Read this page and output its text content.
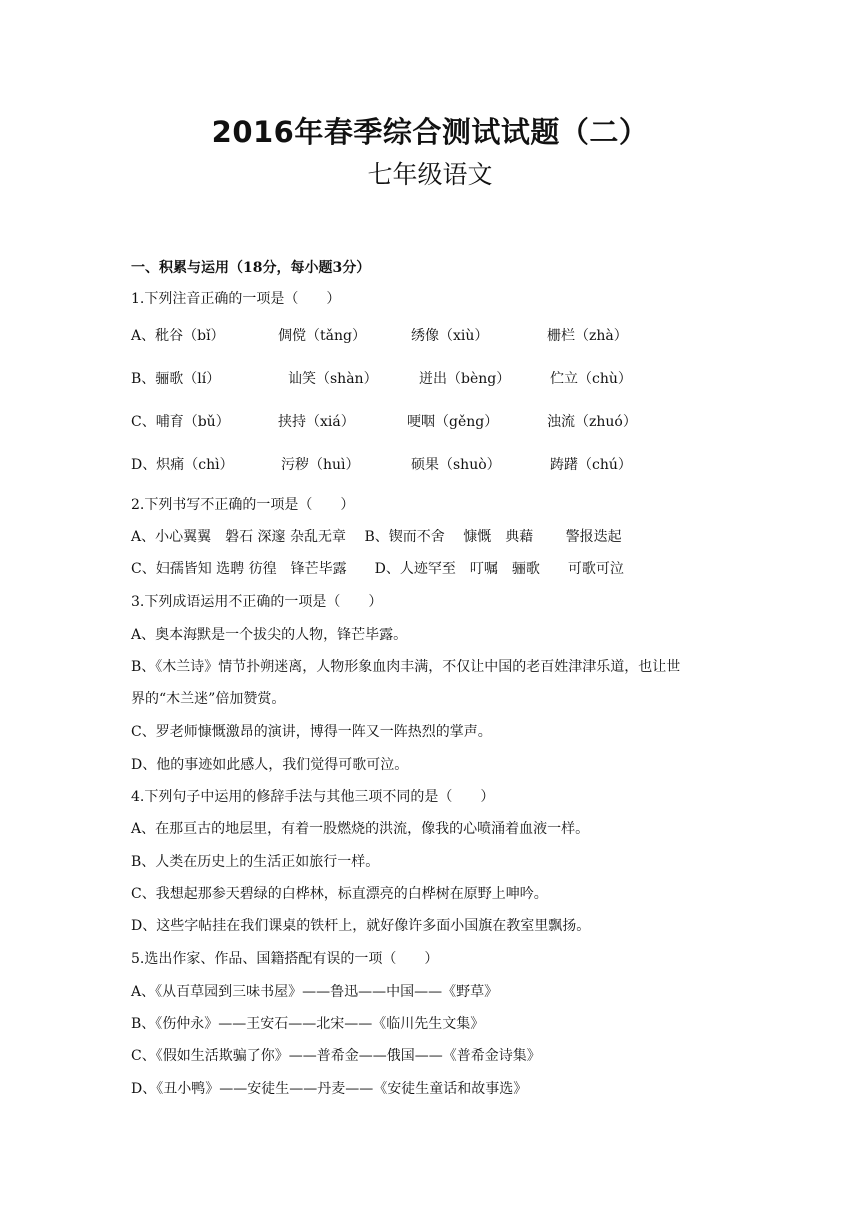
2016年春季综合测试试题（二）
七年级语文
一、积累与运用（18分，每小题3分）
1.下列注音正确的一项是（　　）
A、秕谷（bǐ）	倜傥（tǎng）	绣像（xiù）	栅栏（zhà）
B、骊歌（lí）	讪笑（shàn）	迸出（bèng）	伫立（chù）
C、哺育（bǔ）	挟持（xiá）	哽咽（gěng）	浊流（zhuó）
D、炽痛（chì）	污秽（huì）	硕果（shuò）	踌躇（chú）
2.下列书写不正确的一项是（　　）
A、小心翼翼　磐石 深邃 杂乱无章　 B、锲而不舍　 慷慨　典藉　　 警报迭起
C、妇孺皆知 选聘 彷徨　锋芒毕露　　D、人迹罕至　叮嘱　骊歌　　可歌可泣
3.下列成语运用不正确的一项是（　　）
A、奥本海默是一个拔尖的人物，锋芒毕露。
B、《木兰诗》情节扑朔迷离，人物形象血肉丰满，不仅让中国的老百姓津津乐道，也让世
界的“木兰迷”倍加赞赏。
C、罗老师慷慨激昂的演讲，博得一阵又一阵热烈的掌声。
D、他的事迹如此感人，我们觉得可歌可泣。
4.下列句子中运用的修辞手法与其他三项不同的是（　　）
A、在那亘古的地层里，有着一股燃烧的洪流，像我的心喷涌着血液一样。
B、人类在历史上的生活正如旅行一样。
C、我想起那参天碧绿的白桦林，标直漂亮的白桦树在原野上呻吟。
D、这些字帖挂在我们课桌的铁杆上，就好像许多面小国旗在教室里飘扬。
5.选出作家、作品、国籍搭配有误的一项（　　）
A、《从百草园到三味书屋》——鲁迅——中国——《野草》
B、《伤仲永》——王安石——北宋——《临川先生文集》
C、《假如生活欺骗了你》——普希金——俄国——《普希金诗集》
D、《丑小鸭》——安徒生——丹麦——《安徒生童话和故事选》
